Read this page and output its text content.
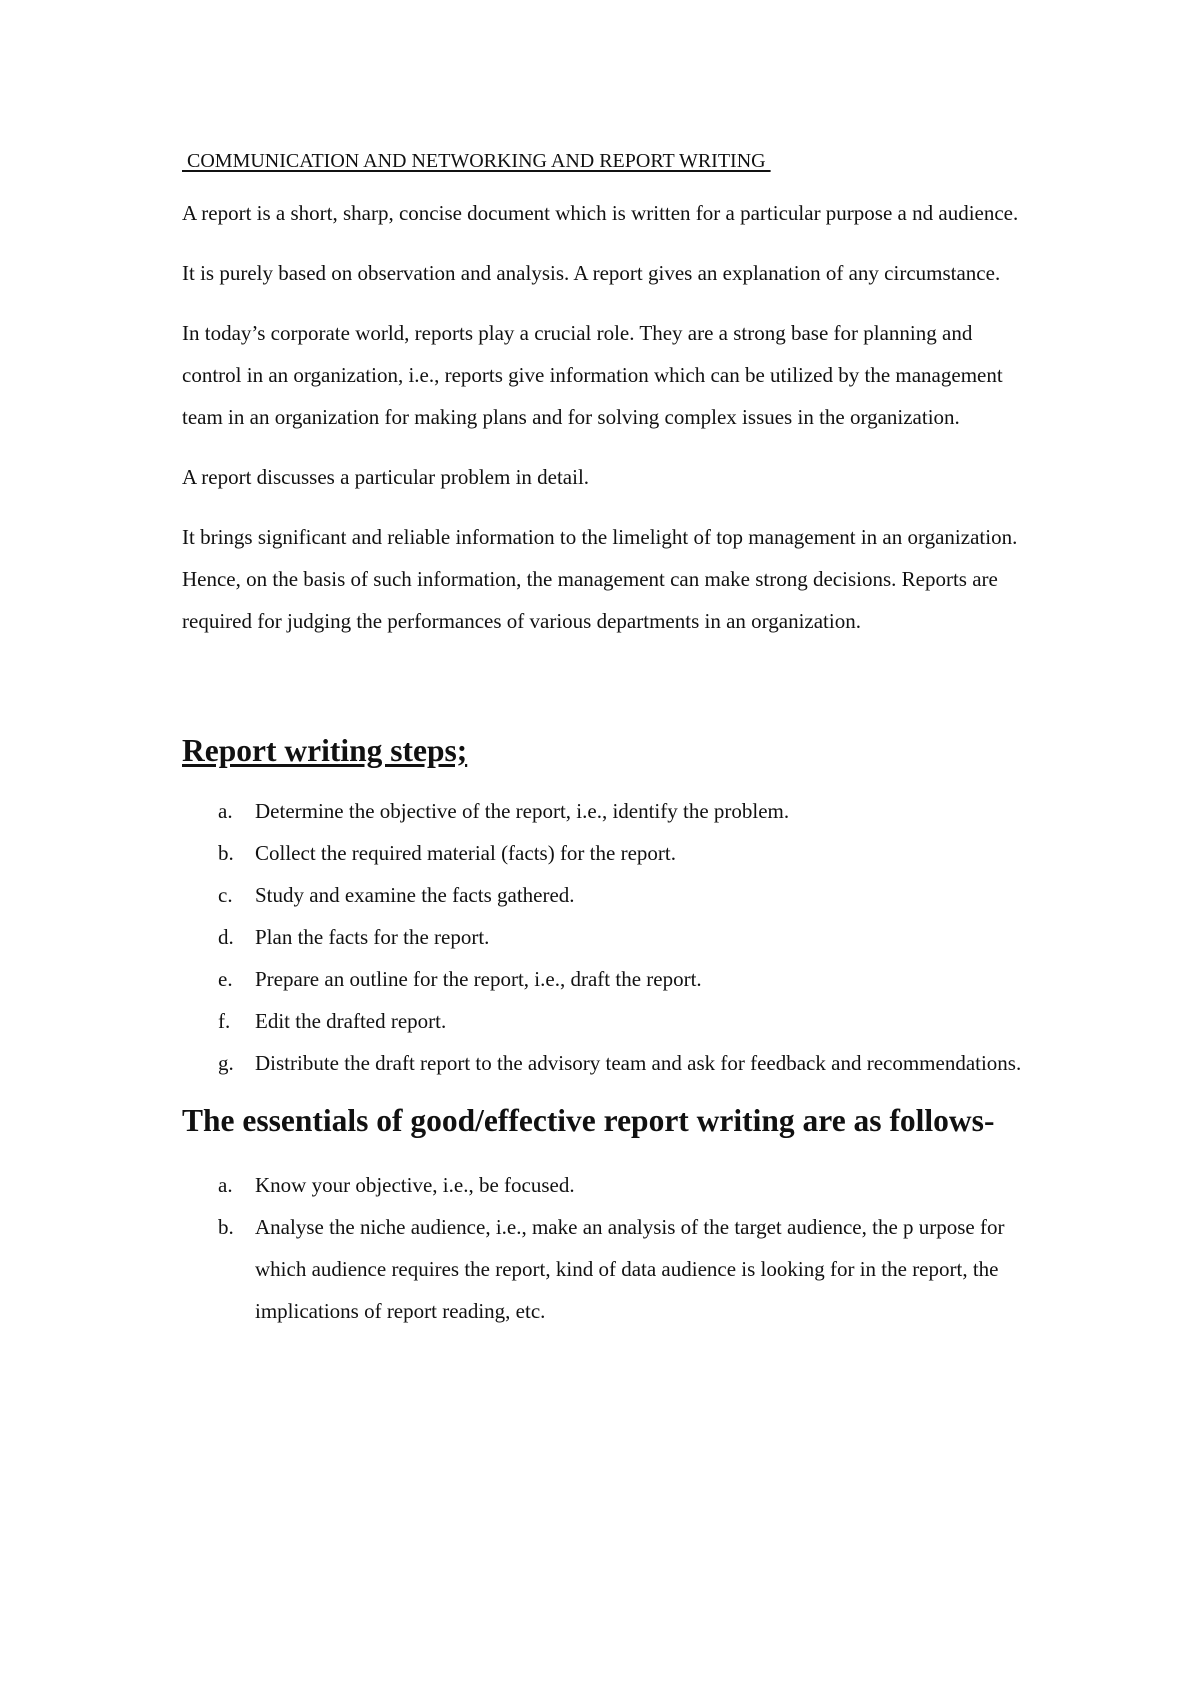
COMMUNICATION AND NETWORKING AND REPORT WRITING

A report is a short, sharp, concise document which is written for a particular purpose a nd audience.

It is purely based on observation and analysis. A report gives an explanation of any circumstance.

In today’s corporate world, reports play a crucial role. They are a strong base for planning and control in an organization, i.e., reports give information which can be utilized by the management team in an organization for making plans and for solving complex issues in the organization.

A report discusses a particular problem in detail.

It brings significant and reliable information to the limelight of top management in an organization. Hence, on the basis of such information, the management can make strong decisions. Reports are required for judging the performances of various departments in an organization.

Report writing steps;
a. Determine the objective of the report, i.e., identify the problem.
b. Collect the required material (facts) for the report.
c. Study and examine the facts gathered.
d. Plan the facts for the report.
e. Prepare an outline for the report, i.e., draft the report.
f. Edit the drafted report.
g. Distribute the draft report to the advisory team and ask for feedback and recommendations.
The essentials of good/effective report writing are as follows-
a. Know your objective, i.e., be focused.
b. Analyse the niche audience, i.e., make an analysis of the target audience, the p urpose for which audience requires the report, kind of data audience is looking for in the report, the implications of report reading, etc.
